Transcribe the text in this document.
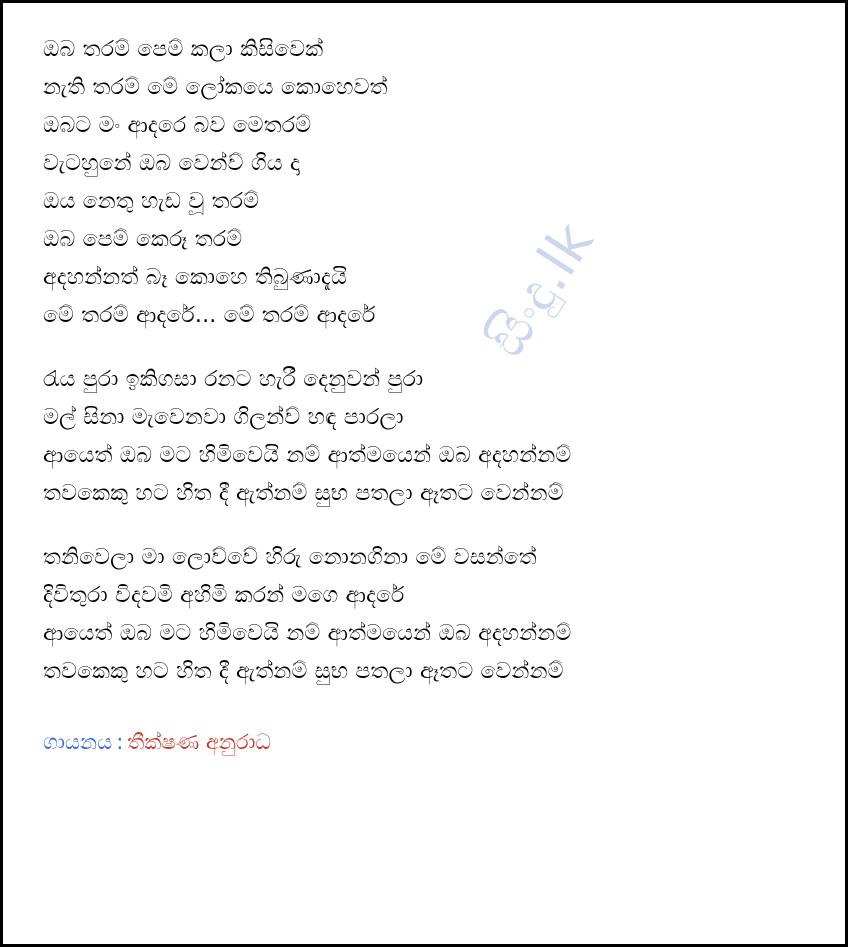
සිංදු.lk
ඔබ තරම් පෙම් කලා කිසිවෙක්
නැති තරම් මේ ලෝකයෙ කොහෙවත්
ඔබට මං ආදරෙ බව මෙතරම්
වැටහුනේ ඔබ වෙන්ව් ගිය දා
ඔය නෙතු හැඩ වූ තරම්
ඔබ පෙම් කෙරූ තරම්
අදහන්නත් බෑ කොහෙ තිබුණාදැයි
මේ තරම් ආදරේ... මේ තරම් ආදරේ
රැය පුරා ඉකිගසා රනට හැරී දෙනුවන් පුරා
මල් සිනා මැවෙනවා ගිලන්ව් හඳ පාරලා
ආයෙත් ඔබ මට හිමිවෙයි නම් ආත්මයෙන් ඔබ අදහන්නම්
තවකෙකු හට හිත දී ඇත්නම් සුභ පතලා ඈතට වෙන්නම්
තනිවෙලා මා ලොව්වේ හිරු නොනගිනා මේ වසන්තේ
දිවිතුරා විදවමි අහිමි කරන් මගෙ ආදරේ
ආයෙත් ඔබ මට හිමිවෙයි නම් ආත්මයෙන් ඔබ අදහන්නම්
තවකෙකු හට හිත දී ඇත්නම් සුභ පතලා ඈතට වෙන්නම්
ගායනය : තීක්ෂණ අනුරාධ
